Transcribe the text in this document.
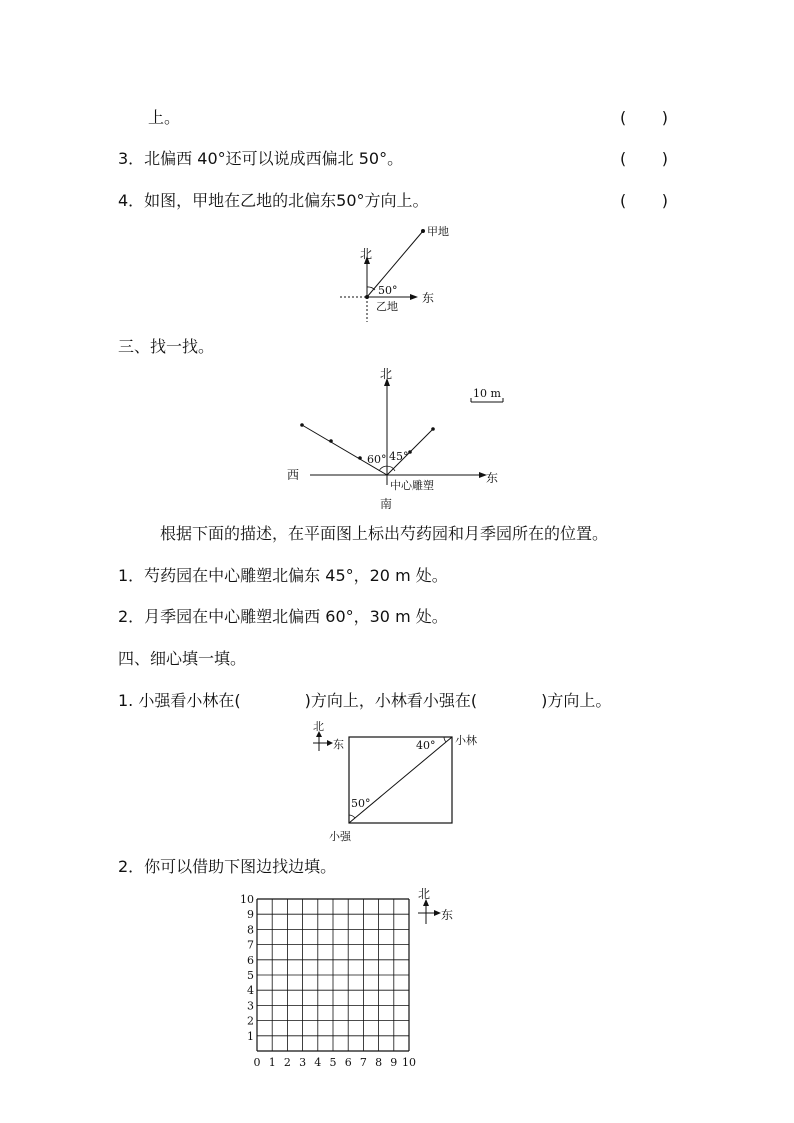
上。	( )
3．北偏西 40°还可以说成西偏北 50°。	( )
4．如图，甲地在乙地的北偏东50°方向上。	( )
北
东
甲地
乙地
50°
三、找一找。
10 m
北
南
西	东
60° 45°
中心雕塑
根据下面的描述，在平面图上标出芍药园和月季园所在的位置。
1．芍药园在中心雕塑北偏东 45°，20 m 处。
2．月季园在中心雕塑北偏西 60°，30 m 处。
四、细心填一填。
1. 小强看小林在(　　　　)方向上，小林看小强在(　　　　)方向上。
北
东	40°
50°
小林
小强
2．你可以借助下图边找边填。
10
9
8
7
6
5
4
3
2
1
0 1 2 3 4 5 6 7 8 9 10
北
东
